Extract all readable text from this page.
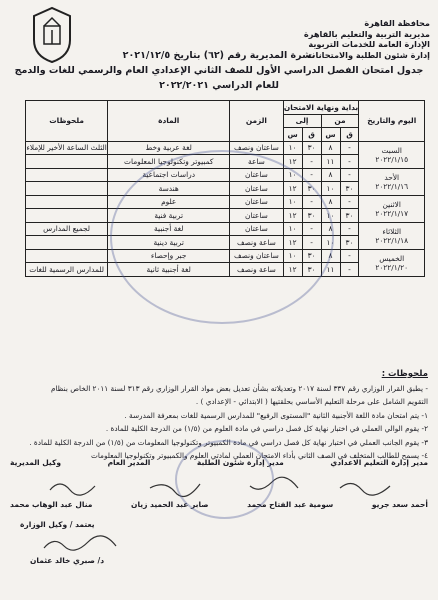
محافظة القاهرة
مديرية التربية والتعليم بالقاهرة
الإدارة العامة للخدمات التربوية
إدارة شئون الطلبة والامتحانات
نشرة المديرية رقم (٦٢) بتاريخ ٢٠٢١/١٢/٥
جدول امتحان الفصل الدراسي الأول للصف الثاني الإعدادي العام والرسمي للغات والدمج
للعام الدراسي ٢٠٢٢/٢٠٢١
اليوم والتاريخ	بداية ونهاية الامتحان				الزمن	المادة	ملحوظات
	من		إلى				
	ق	س	ق	س			

السبت
٢٠٢٢/١/١٥	-	٨	٣٠	١٠	ساعتان ونصف	لغة عربية وخط	الثلث الساعة الأخير للإملاء
	-	١١	-	١٢	ساعة	كمبيوتر وتكنولوجيا المعلومات	

الأحد
٢٠٢٢/١/١٦	-	٨	-	١٠	ساعتان	دراسات اجتماعية	
	٣٠	١٠	٣٠	١٢	ساعتان	هندسة	

الاثنين
٢٠٢٢/١/١٧	-	٨	-	١٠	ساعتان	علوم	
	٣٠	١٠	٣٠	١٢	ساعتان	تربية فنية	

الثلاثاء
٢٠٢٢/١/١٨	-	٨	-	١٠	ساعتان	لغة أجنبية	لجميع المدارس
	٣٠	١٠	-	١٢	ساعة ونصف	تربية دينية	

الخميس
٢٠٢٢/١/٢٠	-	٨	٣٠	١٠	ساعتان ونصف	جبر وإحصاء	
	-	١١	٣٠	١٢	ساعة ونصف	لغة أجنبية ثانية	للمدارس الرسمية للغات
ملحوظات :
- يطبق القرار الوزاري رقم ٣٣٧ لسنة ٢٠١٧ وتعديلاته بشأن تعديل بعض مواد القرار الوزاري رقم ٣١٣ لسنة ٢٠١١ الخاص بنظام
التقويم الشامل على مرحلة التعليم الأساسي بحلقتيها ( الابتدائي - الإعدادي ) .
١- يتم امتحان مادة اللغة الأجنبية الثانية "المستوى الرفيع" للمدارس الرسمية للغات بمعرفة المدرسة .
٢- يقوم الوالي العملي في اختبار نهاية كل فصل دراسي في مادة العلوم من (١/٥) من الدرجة الكلية للمادة .
٣- يقوم الجانب العملي في اختبار نهاية كل فصل دراسي في مادة الكمبيوتر وتكنولوجيا المعلومات من (١/٥) من الدرجة الكلية للمادة .
٤- يسمح للطالب المتخلف في الصف الثاني بأداء الامتحان العملي لمادتي العلوم والكمبيوتر وتكنولوجيا المعلومات
مدير إدارة التعليم الاعدادي
مدير إدارة شئون الطلبة
المدير العام
وكيل المديرية
أحمد سعد جريو
سومية عبد الفتاح محمد
صابر عبد الحميد زيان
منال عبد الوهاب محمد
يعتمد / وكيل الوزارة
د/ صبري خالد عثمان
